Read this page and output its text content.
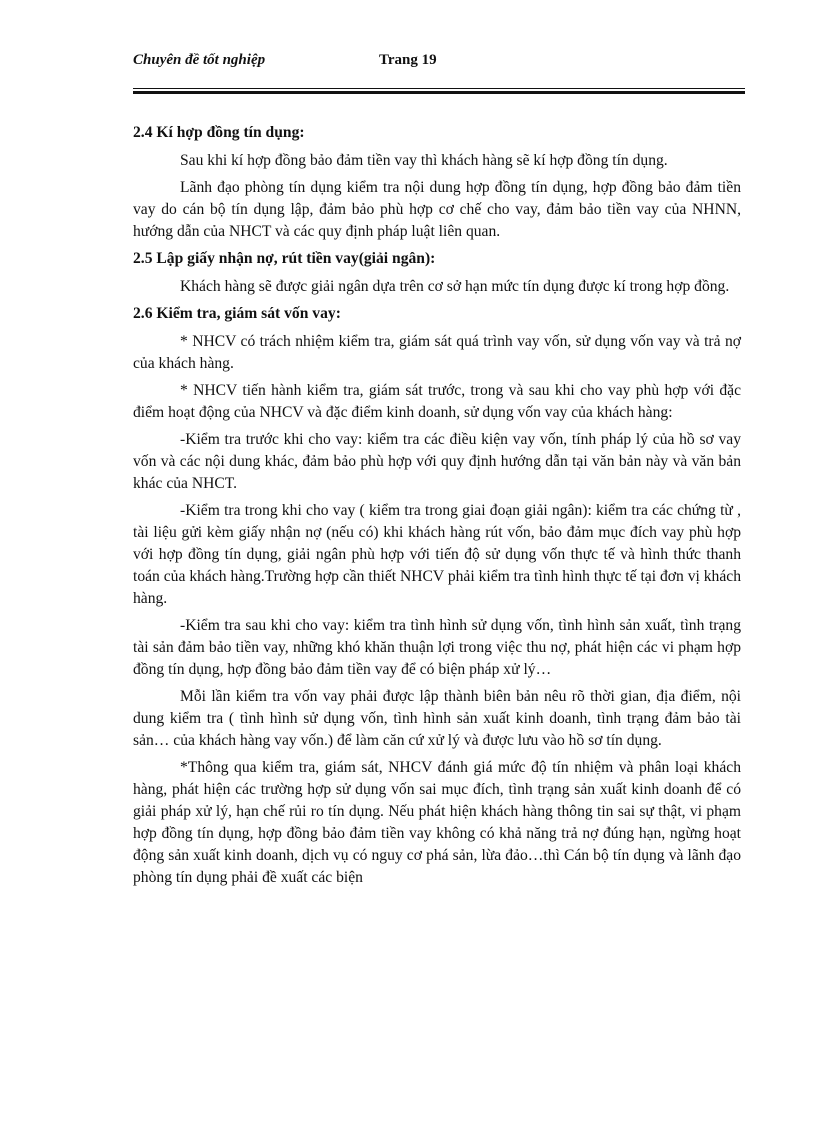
Chuyên đề tốt nghiệp	Trang 19
2.4 Kí hợp đồng tín dụng:

Sau khi kí hợp đồng bảo đảm tiền vay thì khách hàng sẽ kí hợp đồng tín dụng.

Lãnh đạo phòng tín dụng kiểm tra nội dung hợp đồng tín dụng, hợp đồng bảo đảm tiền vay do cán bộ tín dụng lập, đảm bảo phù hợp cơ chế cho vay, đảm bảo tiền vay của NHNN, hướng dẫn của NHCT và các quy định pháp luật liên quan.

2.5 Lập giấy nhận nợ, rút tiền vay(giải ngân):

Khách hàng sẽ được giải ngân dựa trên cơ sở hạn mức tín dụng được kí trong hợp đồng.

2.6 Kiểm tra, giám sát vốn vay:

* NHCV có trách nhiệm kiểm tra, giám sát quá trình vay vốn, sử dụng vốn vay và trả nợ của khách hàng.

* NHCV tiến hành kiểm tra, giám sát trước, trong và sau khi cho vay phù hợp với đặc điểm hoạt động của NHCV và đặc điểm kinh doanh, sử dụng vốn vay của khách hàng:

-Kiểm tra trước khi cho vay: kiểm tra các điều kiện vay vốn, tính pháp lý của hồ sơ vay vốn và các nội dung khác, đảm bảo phù hợp với quy định hướng dẫn tại văn bản này và văn bản khác của NHCT.

-Kiểm tra trong khi cho vay ( kiểm tra trong giai đoạn giải ngân): kiểm tra các chứng từ , tài liệu gửi kèm giấy nhận nợ (nếu có) khi khách hàng rút vốn, bảo đảm mục đích vay phù hợp với hợp đồng tín dụng, giải ngân phù hợp với tiến độ sử dụng vốn thực tế và hình thức thanh toán của khách hàng.Trường hợp cần thiết NHCV phải kiểm tra tình hình thực tế tại đơn vị khách hàng.

-Kiểm tra sau khi cho vay: kiểm tra tình hình sử dụng vốn, tình hình sản xuất, tình trạng tài sản đảm bảo tiền vay, những khó khăn thuận lợi trong việc thu nợ, phát hiện các vi phạm hợp đồng tín dụng, hợp đồng bảo đảm tiền vay để có biện pháp xử lý…

Mỗi lần kiểm tra vốn vay phải được lập thành biên bản nêu rõ thời gian, địa điểm, nội dung kiểm tra ( tình hình sử dụng vốn, tình hình sản xuất kinh doanh, tình trạng đảm bảo tài sản… của khách hàng vay vốn.) để làm căn cứ xử lý và được lưu vào hồ sơ tín dụng.

*Thông qua kiểm tra, giám sát, NHCV đánh giá mức độ tín nhiệm và phân loại khách hàng, phát hiện các trường hợp sử dụng vốn sai mục đích, tình trạng sản xuất kinh doanh để có giải pháp xử lý, hạn chế rủi ro tín dụng. Nếu phát hiện khách hàng thông tin sai sự thật, vi phạm hợp đồng tín dụng, hợp đồng bảo đảm tiền vay không có khả năng trả nợ đúng hạn, ngừng hoạt động sản xuất kinh doanh, dịch vụ có nguy cơ phá sản, lừa đảo…thì Cán bộ tín dụng và lãnh đạo phòng tín dụng phải đề xuất các biện
